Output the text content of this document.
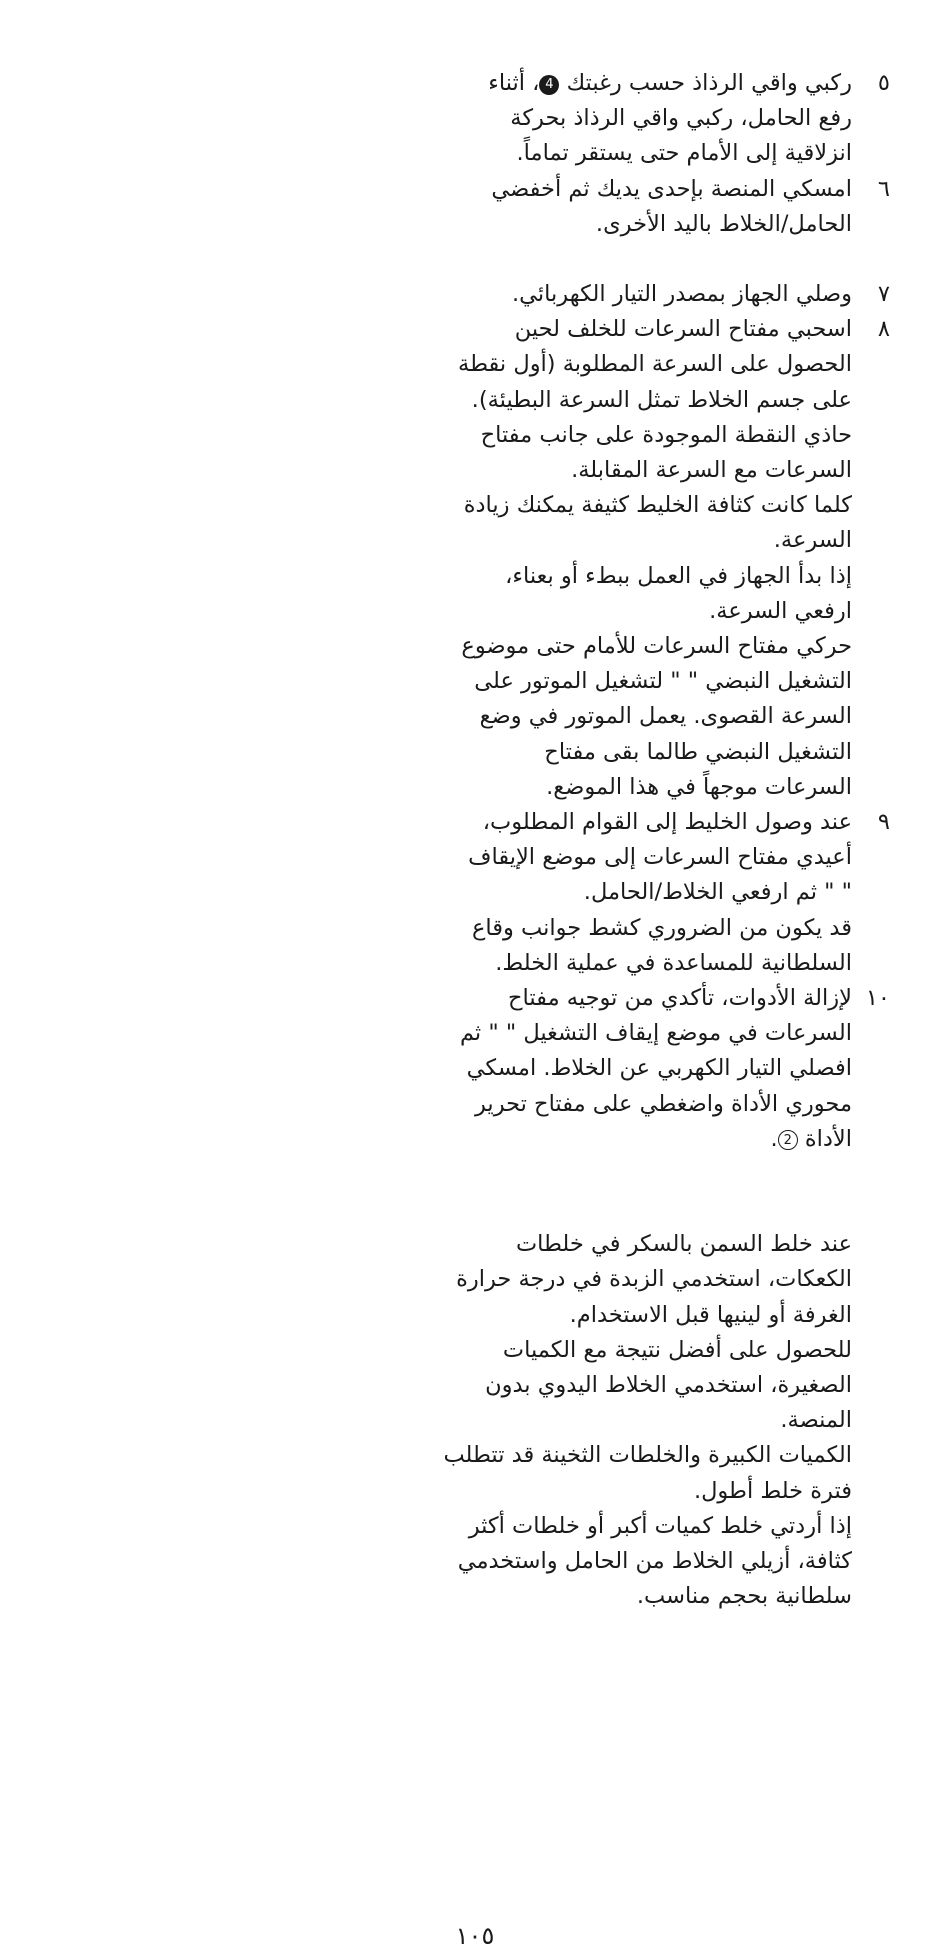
٥
ركبي واقي الرذاذ حسب رغبتك 4، أثناء
رفع الحامل، ركبي واقي الرذاذ بحركة
انزلاقية إلى الأمام حتى يستقر تماماً.
٦
امسكي المنصة بإحدى يديك ثم أخفضي
الحامل/الخلاط باليد الأخرى.
٧
وصلي الجهاز بمصدر التيار الكهربائي.
٨
اسحبي مفتاح السرعات للخلف لحين
الحصول على السرعة المطلوبة (أول نقطة
على جسم الخلاط تمثل السرعة البطيئة).
حاذي النقطة الموجودة على جانب مفتاح
السرعات مع السرعة المقابلة.
كلما كانت كثافة الخليط كثيفة يمكنك زيادة
السرعة.
إذا بدأ الجهاز في العمل ببطء أو بعناء،
ارفعي السرعة.
حركي مفتاح السرعات للأمام حتى موضوع
التشغيل النبضي " " لتشغيل الموتور على
السرعة القصوى. يعمل الموتور في وضع
التشغيل النبضي طالما بقى مفتاح
السرعات موجهاً في هذا الموضع.
٩
عند وصول الخليط إلى القوام المطلوب،
أعيدي مفتاح السرعات إلى موضع الإيقاف
" " ثم ارفعي الخلاط/الحامل.
قد يكون من الضروري كشط جوانب وقاع
السلطانية للمساعدة في عملية الخلط.
١٠
لإزالة الأدوات، تأكدي من توجيه مفتاح
السرعات في موضع إيقاف التشغيل " " ثم
افصلي التيار الكهربي عن الخلاط. امسكي
محوري الأداة واضغطي على مفتاح تحرير
الأداة 2.
عند خلط السمن بالسكر في خلطات
الكعكات، استخدمي الزبدة في درجة حرارة
الغرفة أو لينيها قبل الاستخدام.
للحصول على أفضل نتيجة مع الكميات
الصغيرة، استخدمي الخلاط اليدوي بدون
المنصة.
الكميات الكبيرة والخلطات الثخينة قد تتطلب
فترة خلط أطول.
إذا أردتي خلط كميات أكبر أو خلطات أكثر
كثافة، أزيلي الخلاط من الحامل واستخدمي
سلطانية بحجم مناسب.
١٠٥
